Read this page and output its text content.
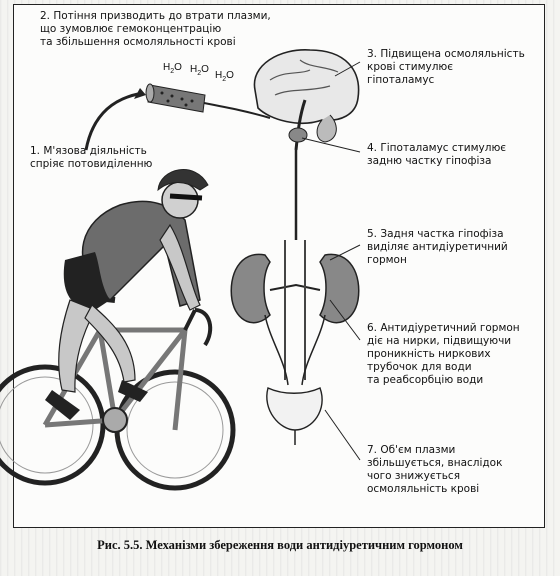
$H_2O$ $H_2O$
$H_2O$
2. Потіння призводить до втрати плазми,
що зумовлює гемоконцентрацію
та збільшення осмоляльності крові
1. М'язова діяльність
спріяє потовиділенню
3. Підвищена осмоляльність
крові стимулює
гіпоталамус
4. Гіпоталамус стимулює
задню частку гіпофіза
5. Задня частка гіпофіза
виділяє антидіуретичний
гормон
6. Антидіуретичний гормон
діє на нирки, підвищуючи
проникність ниркових
трубочок для води
та реабсорбцію води
7. Об'єм плазми
збільшується, внаслідок
чого знижується
осмоляльність крові
Рис. 5.5. Механізми збереження води антидіуретичним гормоном
